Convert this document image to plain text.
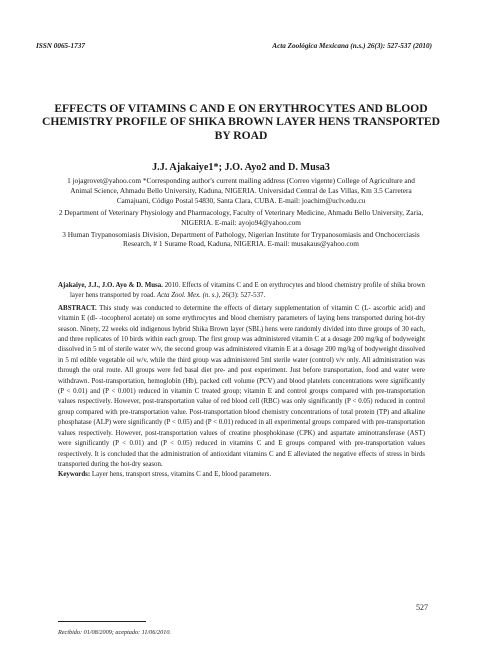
ISSN 0065-1737	Acta Zoológica Mexicana (n.s.) 26(3): 527-537 (2010)
EFFECTS OF VITAMINS C AND E ON ERYTHROCYTES AND BLOOD CHEMISTRY PROFILE OF SHIKA BROWN LAYER HENS TRANSPORTED BY ROAD
J.J. Ajakaiye1*; J.O. Ayo2 and D. Musa3

1 jojagrovet@yahoo.com *Corresponding author's current mailing address (Correo vigente) College of Agriculture and Animal Science, Ahmadu Bello University, Kaduna, NIGERIA. Universidad Central de Las Villas, Km 3.5 Carretera Camajuani, Código Postal 54830, Santa Clara, CUBA. E-mail: joachim@uclv.edu.cu

2 Department of Veterinary Physiology and Pharmacology, Faculty of Veterinary Medicine, Ahmadu Bello University, Zaria, NIGERIA. E-mail: ayojo94@yahoo.com

3 Human Trypanosomiasis Division, Department of Pathology, Nigerian Institute for Trypanosomiasis and Onchocerciasis Research, # 1 Surame Road, Kaduna, NIGERIA. E-mail: musakaus@yahoo.com

Ajakaiye, J.J., J.O. Ayo & D. Musa. 2010. Effects of vitamins C and E on erythrocytes and blood chemistry profile of shika brown layer hens transported by road. Acta Zool. Mex. (n. s.), 26(3): 527-537.

ABSTRACT. This study was conducted to determine the effects of dietary supplementation of vitamin C (L- ascorbic acid) and vitamin E (dl- -tocopherol acetate) on some erythrocytes and blood chemistry parameters of laying hens transported during hot-dry season. Ninety, 22 weeks old indigenous hybrid Shika Brown layer (SBL) hens were randomly divided into three groups of 30 each, and three replicates of 10 birds within each group. The first group was administered vitamin C at a dosage 200 mg/kg of bodyweight dissolved in 5 ml of sterile water w/v, the second group was administered vitamin E at a dosage 200 mg/kg of bodyweight dissolved in 5 ml edible vegetable oil w/v, while the third group was administered 5ml sterile water (control) v/v only. All administration was through the oral route. All groups were fed basal diet pre- and post experiment. Just before transportation, food and water were withdrawn. Post-transportation, hemoglobin (Hb), packed cell volume (PCV) and blood platelets concentrations were significantly (P < 0.01) and (P < 0.001) reduced in vitamin C treated group; vitamin E and control groups compared with pre-transportation values respectively. However, post-transportation value of red blood cell (RBC) was only significantly (P < 0.05) reduced in control group compared with pre-transportation value. Post-transportation blood chemistry concentrations of total protein (TP) and alkaline phosphatase (ALP) were significantly (P < 0.05) and (P < 0.01) reduced in all experimental groups compared with pre-transportation values respectively. However, post-transportation values of creatine phosphokinase (CPK) and aspartate aminotransferase (AST) were significantly (P < 0.01) and (P < 0.05) reduced in vitamins C and E groups compared with pre-transportation values respectively. It is concluded that the administration of antioxidant vitamins C and E alleviated the negative effects of stress in birds transported during the hot-dry season.

Keywords: Layer hens, transport stress, vitamins C and E, blood parameters.

527
Recibido: 01/08/2009; aceptado: 11/06/2010.
